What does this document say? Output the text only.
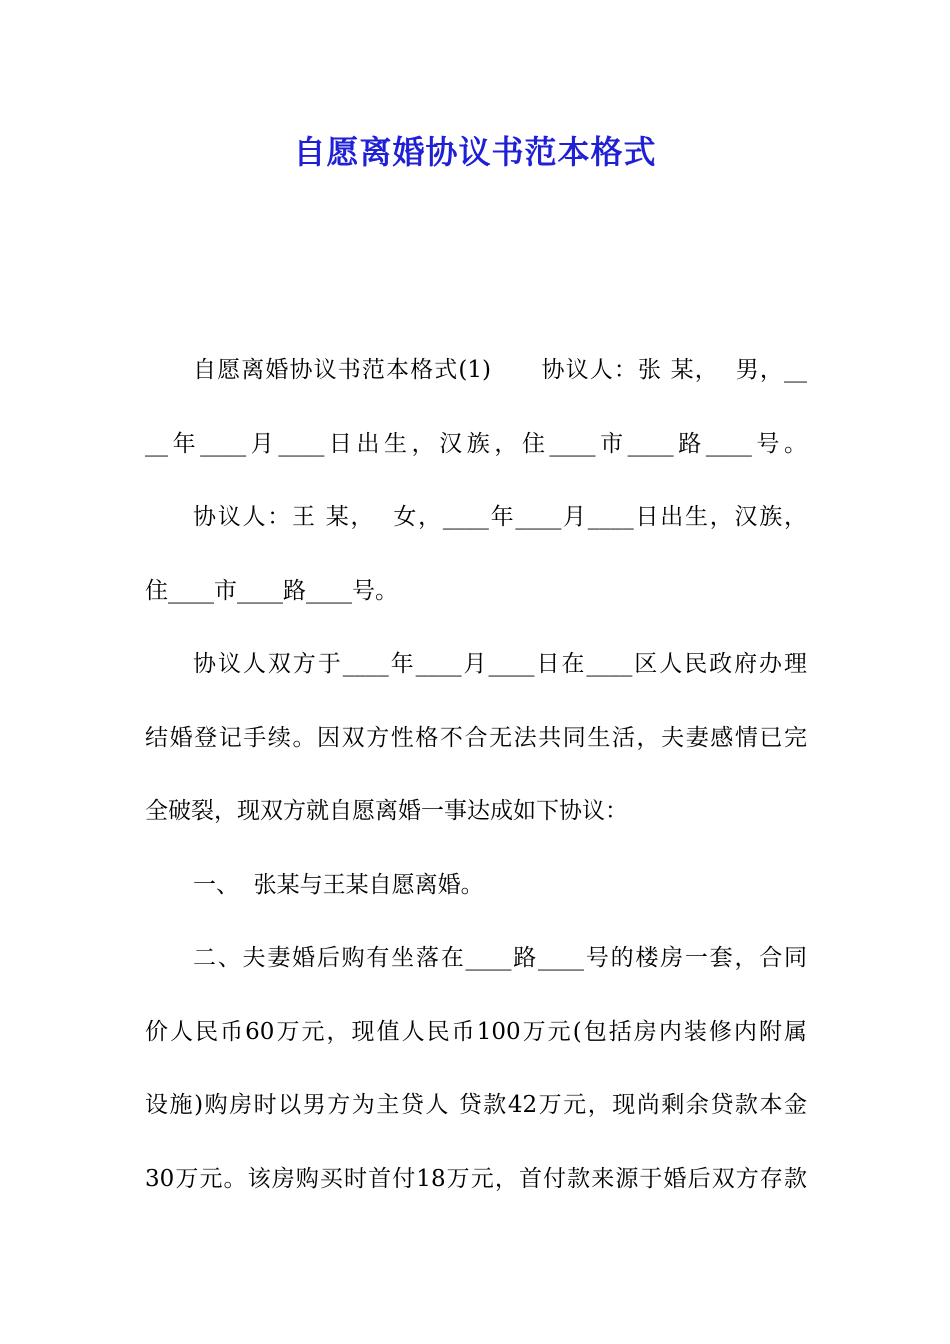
自愿离婚协议书范本格式
自愿离婚协议书范本格式(1)      协议人：张 某，  男，__
__年____月____日出生，汉族，住____市____路____号。
协议人：王 某，  女，____年____月____日出生，汉族，
住____市____路____号。
协议人双方于____年____月____日在____区人民政府办理
结婚登记手续。因双方性格不合无法共同生活，夫妻感情已完
全破裂，现双方就自愿离婚一事达成如下协议：
一、  张某与王某自愿离婚。
二、夫妻婚后购有坐落在____路____号的楼房一套，合同
价人民币60万元，现值人民币100万元(包括房内装修内附属
设施)购房时以男方为主贷人 贷款42万元，现尚剩余贷款本金
30万元。该房购买时首付18万元，首付款来源于婚后双方存款
